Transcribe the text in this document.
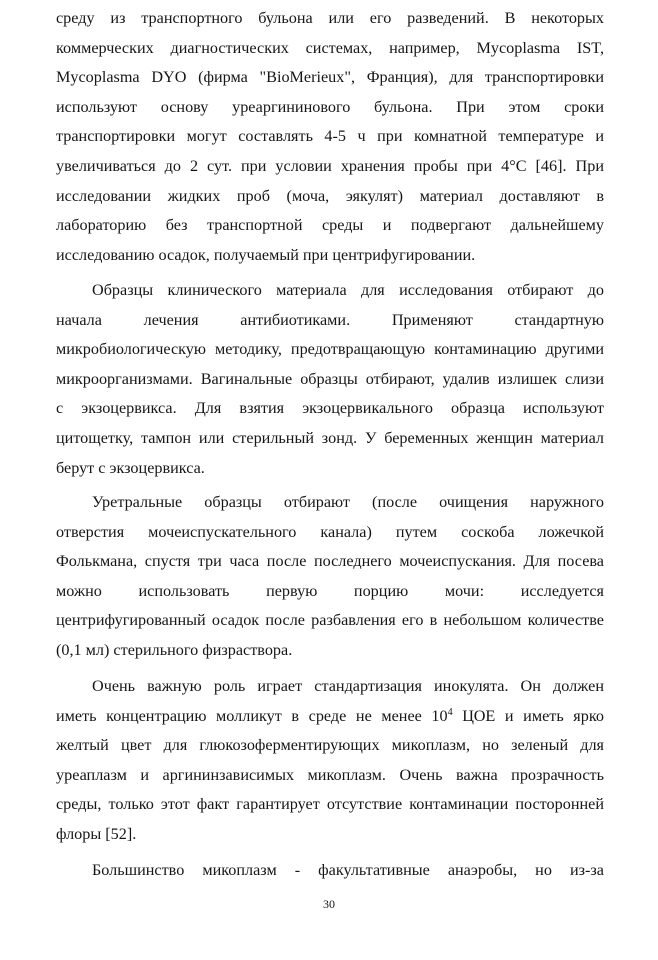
среду из транспортного бульона или его разведений. В некоторых
коммерческих диагностических системах, например, Mycoplasma IST,
Mycoplasma DYO (фирма "BioMerieux", Франция), для транспортировки
используют основу уреаргининового бульона. При этом сроки
транспортировки могут составлять 4-5 ч при комнатной температуре и
увеличиваться до 2 сут. при условии хранения пробы при 4°С [46]. При
исследовании жидких проб (моча, эякулят) материал доставляют в
лабораторию без транспортной среды и подвергают дальнейшему
исследованию осадок, получаемый при центрифугировании.
Образцы клинического материала для исследования отбирают до
начала лечения антибиотиками. Применяют стандартную
микробиологическую методику, предотвращающую контаминацию другими
микроорганизмами. Вагинальные образцы отбирают, удалив излишек слизи
с экзоцервикса. Для взятия экзоцервикального образца используют
цитощетку, тампон или стерильный зонд. У беременных женщин материал
берут с экзоцервикса.
Уретральные образцы отбирают (после очищения наружного
отверстия мочеиспускательного канала) путем соскоба ложечкой
Фолькмана, спустя три часа после последнего мочеиспускания. Для посева
можно использовать первую порцию мочи: исследуется
центрифугированный осадок после разбавления его в небольшом количестве
(0,1 мл) стерильного физраствора.
Очень важную роль играет стандартизация инокулята. Он должен
иметь концентрацию молликут в среде не менее $10^4$ ЦОЕ и иметь ярко
желтый цвет для глюкозоферментирующих микоплазм, но зеленый для
уреаплазм и аргининзависимых микоплазм. Очень важна прозрачность
среды, только этот факт гарантирует отсутствие контаминации посторонней
флоры [52].
Большинство микоплазм - факультативные анаэробы, но из-за
30
